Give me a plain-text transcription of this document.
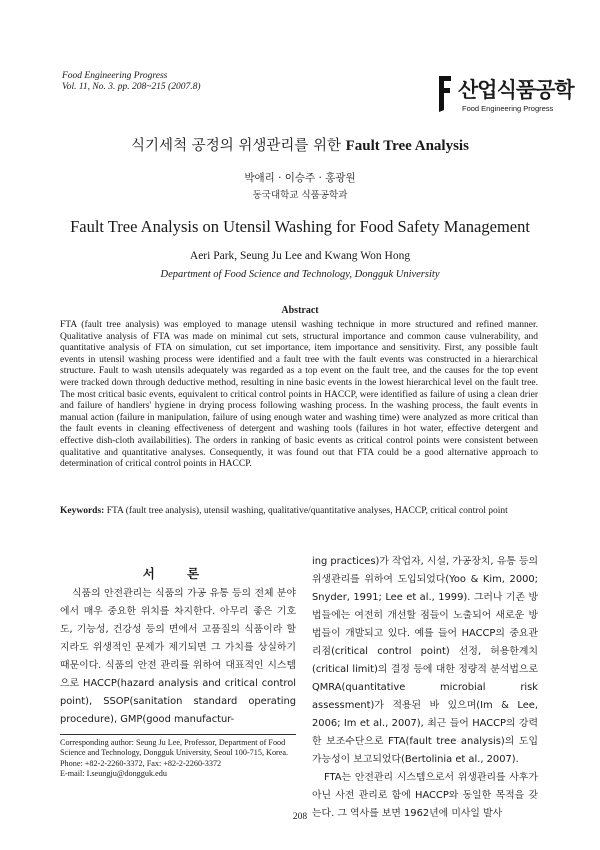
Food Engineering Progress
Vol. 11, No. 3. pp. 208~215 (2007.8)	산업식품공학
Food Engineering Progress
식기세척 공정의 위생관리를 위한 Fault Tree Analysis
박애리 · 이승주 · 홍광원
동국대학교 식품공학과
Fault Tree Analysis on Utensil Washing for Food Safety Management
Aeri Park, Seung Ju Lee and Kwang Won Hong
Department of Food Science and Technology, Dongguk University
Abstract

FTA (fault tree analysis) was employed to manage utensil washing technique in more structured and refined manner. Qualitative analysis of FTA was made on minimal cut sets, structural importance and common cause vulnerability, and quantitative analysis of FTA on simulation, cut set importance, item importance and sensitivity. First, any possible fault events in utensil washing process were identified and a fault tree with the fault events was constructed in a hierarchical structure. Fault to wash utensils adequately was regarded as a top event on the fault tree, and the causes for the top event were tracked down through deductive method, resulting in nine basic events in the lowest hierarchical level on the fault tree. The most critical basic events, equivalent to critical control points in HACCP, were identified as failure of using a clean drier and failure of handlers' hygiene in drying process following washing process. In the washing process, the fault events in manual action (failure in manipulation, failure of using enough water and washing time) were analyzed as more critical than the fault events in cleaning effectiveness of detergent and washing tools (failures in hot water, effective detergent and effective dish-cloth availabilities). The orders in ranking of basic events as critical control points were consistent between qualitative and quantitative analyses. Consequently, it was found out that FTA could be a good alternative approach to determination of critical control points in HACCP.

Keywords: FTA (fault tree analysis), utensil washing, qualitative/quantitative analyses, HACCP, critical control point

서 론

식품의 안전관리는 식품의 가공 유통 등의 전체 분야에서 매우 중요한 위치를 차지한다. 아무리 좋은 기호도, 기능성, 건강성 등의 면에서 고품질의 식품이라 할지라도 위생적인 문제가 제기되면 그 가치를 상실하기 때문이다. 식품의 안전 관리를 위하여 대표적인 시스템으로 HACCP(hazard analysis and critical control point), SSOP(sanitation standard operating procedure), GMP(good manufactur-

ing practices)가 작업자, 시설, 가공장치, 유통 등의 위생관리를 위하여 도입되었다(Yoo & Kim, 2000; Snyder, 1991; Lee et al., 1999). 그러나 기존 방법들에는 여전히 개선할 점들이 노출되어 새로운 방법들이 개발되고 있다. 예를 들어 HACCP의 중요관리점(critical control point) 선정, 허용한계치(critical limit)의 결정 등에 대한 정량적 분석법으로 QMRA(quantitative microbial risk assessment)가 적용된 바 있으며(Im & Lee, 2006; Im et al., 2007), 최근 들어 HACCP의 강력한 보조수단으로 FTA(fault tree analysis)의 도입 가능성이 보고되었다(Bertolinia et al., 2007).

FTA는 안전관리 시스템으로서 위생관리를 사후가 아닌 사전 관리로 함에 HACCP와 동일한 목적을 갖는다. 그 역사를 보면 1962년에 미사일 발사

Corresponding author: Seung Ju Lee, Professor, Department of Food Science and Technology, Dongguk University, Seoul 100-715, Korea.
Phone: +82-2-2260-3372, Fax: +82-2-2260-3372
E-mail: I.seungju@dongguk.edu
208
